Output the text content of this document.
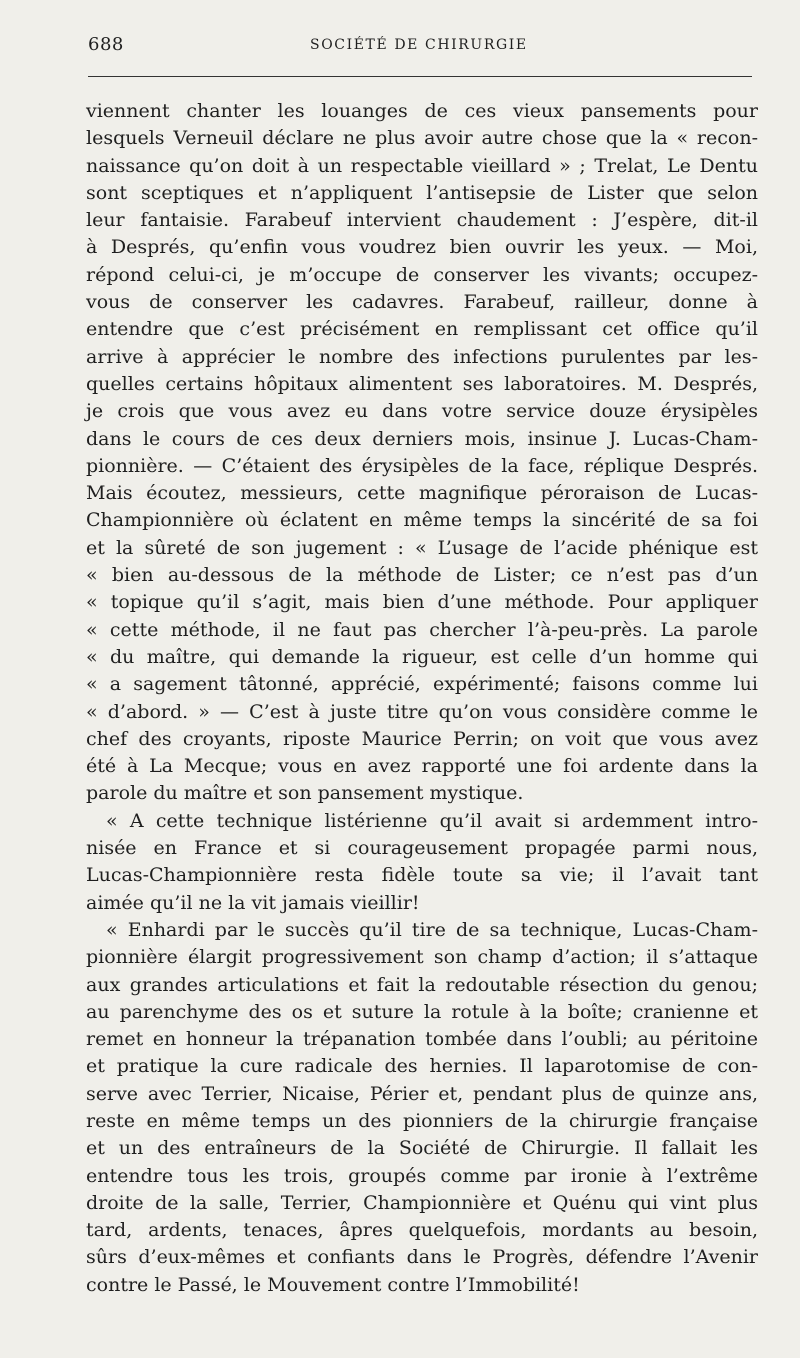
688	SOCIÉTÉ DE CHIRURGIE
viennent chanter les louanges de ces vieux pansements pour
lesquels Verneuil déclare ne plus avoir autre chose que la « recon-
naissance qu’on doit à un respectable vieillard » ; Trelat, Le Dentu
sont sceptiques et n’appliquent l’antisepsie de Lister que selon
leur fantaisie. Farabeuf intervient chaudement : J’espère, dit-il
à Després, qu’enfin vous voudrez bien ouvrir les yeux. — Moi,
répond celui-ci, je m’occupe de conserver les vivants; occupez-
vous de conserver les cadavres. Farabeuf, railleur, donne à
entendre que c’est précisément en remplissant cet office qu’il
arrive à apprécier le nombre des infections purulentes par les-
quelles certains hôpitaux alimentent ses laboratoires. M. Després,
je crois que vous avez eu dans votre service douze érysipèles
dans le cours de ces deux derniers mois, insinue J. Lucas-Cham-
pionnière. — C’étaient des érysipèles de la face, réplique Després.
Mais écoutez, messieurs, cette magnifique péroraison de Lucas-
Championnière où éclatent en même temps la sincérité de sa foi
et la sûreté de son jugement : « L’usage de l’acide phénique est
« bien au-dessous de la méthode de Lister; ce n’est pas d’un
« topique qu’il s’agit, mais bien d’une méthode. Pour appliquer
« cette méthode, il ne faut pas chercher l’à-peu-près. La parole
« du maître, qui demande la rigueur, est celle d’un homme qui
« a sagement tâtonné, apprécié, expérimenté; faisons comme lui
« d’abord. » — C’est à juste titre qu’on vous considère comme le
chef des croyants, riposte Maurice Perrin; on voit que vous avez
été à La Mecque; vous en avez rapporté une foi ardente dans la
parole du maître et son pansement mystique.
« A cette technique listérienne qu’il avait si ardemment intro-
nisée en France et si courageusement propagée parmi nous,
Lucas-Championnière resta fidèle toute sa vie; il l’avait tant
aimée qu’il ne la vit jamais vieillir!
« Enhardi par le succès qu’il tire de sa technique, Lucas-Cham-
pionnière élargit progressivement son champ d’action; il s’attaque
aux grandes articulations et fait la redoutable résection du genou;
au parenchyme des os et suture la rotule à la boîte; cranienne et
remet en honneur la trépanation tombée dans l’oubli; au péritoine
et pratique la cure radicale des hernies. Il laparotomise de con-
serve avec Terrier, Nicaise, Périer et, pendant plus de quinze ans,
reste en même temps un des pionniers de la chirurgie française
et un des entraîneurs de la Société de Chirurgie. Il fallait les
entendre tous les trois, groupés comme par ironie à l’extrême
droite de la salle, Terrier, Championnière et Quénu qui vint plus
tard, ardents, tenaces, âpres quelquefois, mordants au besoin,
sûrs d’eux-mêmes et confiants dans le Progrès, défendre l’Avenir
contre le Passé, le Mouvement contre l’Immobilité!
